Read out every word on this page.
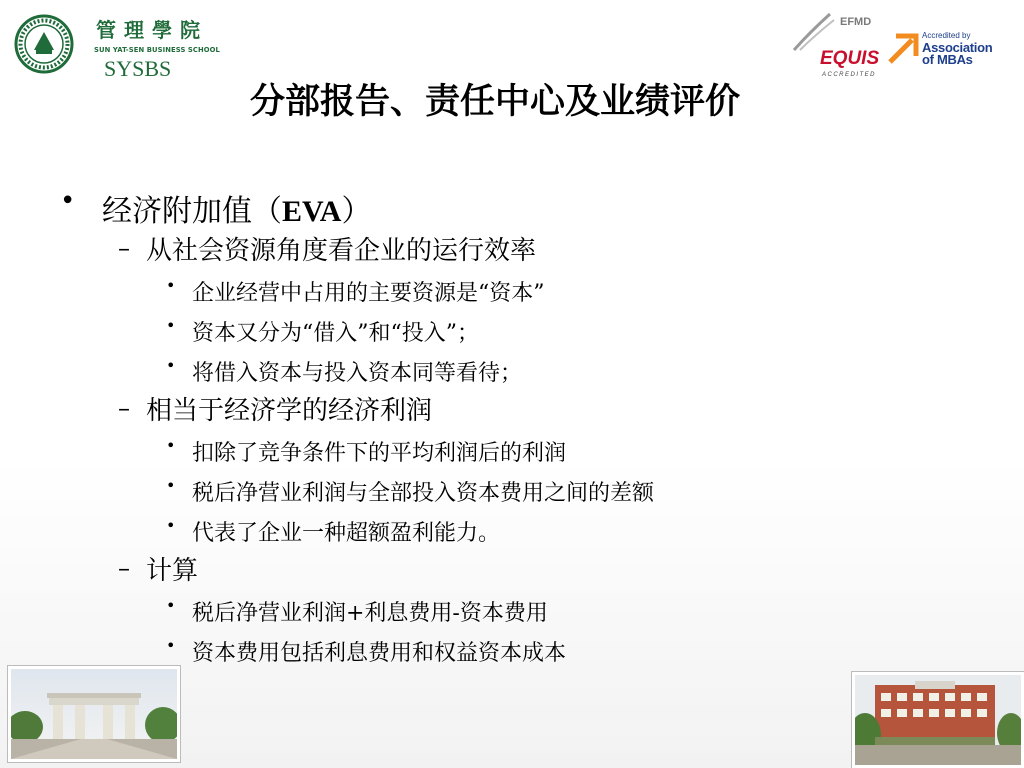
管理學院
SUN YAT-SEN BUSINESS SCHOOL
SYSBS
EFMD
EQUIS
ACCREDITED
Accredited by
Association
of MBAs
分部报告、责任中心及业绩评价
• 经济附加值（EVA）
– 从社会资源角度看企业的运行效率
• 企业经营中占用的主要资源是“资本”
• 资本又分为“借入”和“投入”；
• 将借入资本与投入资本同等看待；
– 相当于经济学的经济利润
• 扣除了竞争条件下的平均利润后的利润
• 税后净营业利润与全部投入资本费用之间的差额
• 代表了企业一种超额盈利能力。
– 计算
• 税后净营业利润+利息费用-资本费用
• 资本费用包括利息费用和权益资本成本
